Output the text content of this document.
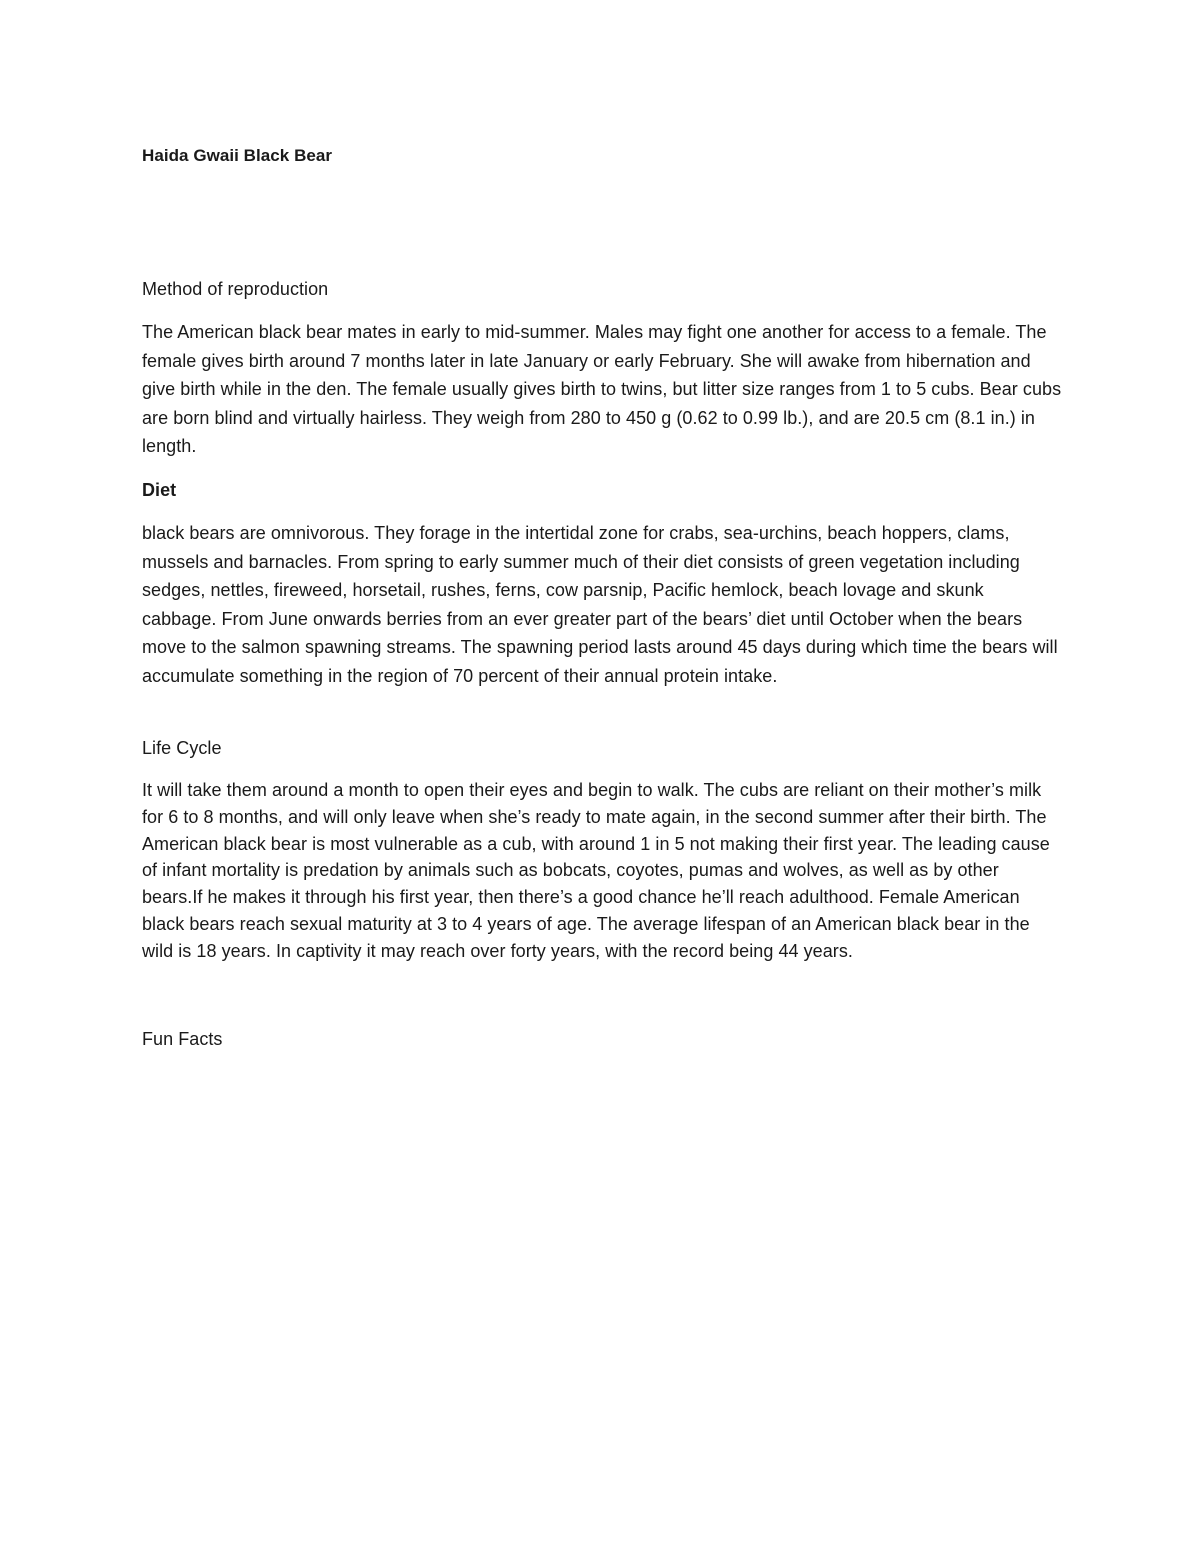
Haida Gwaii Black Bear

Method of reproduction

The American black bear mates in early to mid-summer. Males may fight one another for access to a female. The female gives birth around 7 months later in late January or early February. She will awake from hibernation and give birth while in the den. The female usually gives birth to twins, but litter size ranges from 1 to 5 cubs. Bear cubs are born blind and virtually hairless. They weigh from 280 to 450 g (0.62 to 0.99 lb.), and are 20.5 cm (8.1 in.) in length.

Diet

black bears are omnivorous. They forage in the intertidal zone for crabs, sea-urchins, beach hoppers, clams, mussels and barnacles. From spring to early summer much of their diet consists of green vegetation including sedges, nettles, fireweed, horsetail, rushes, ferns, cow parsnip, Pacific hemlock, beach lovage and skunk cabbage. From June onwards berries from an ever greater part of the bears’ diet until October when the bears move to the salmon spawning streams. The spawning period lasts around 45 days during which time the bears will accumulate something in the region of 70 percent of their annual protein intake.

Life Cycle

It will take them around a month to open their eyes and begin to walk. The cubs are reliant on their mother’s milk for 6 to 8 months, and will only leave when she’s ready to mate again, in the second summer after their birth. The American black bear is most vulnerable as a cub, with around 1 in 5 not making their first year. The leading cause of infant mortality is predation by animals such as bobcats, coyotes, pumas and wolves, as well as by other bears.If he makes it through his first year, then there’s a good chance he’ll reach adulthood. Female American black bears reach sexual maturity at 3 to 4 years of age. The average lifespan of an American black bear in the wild is 18 years. In captivity it may reach over forty years, with the record being 44 years.

Fun Facts
